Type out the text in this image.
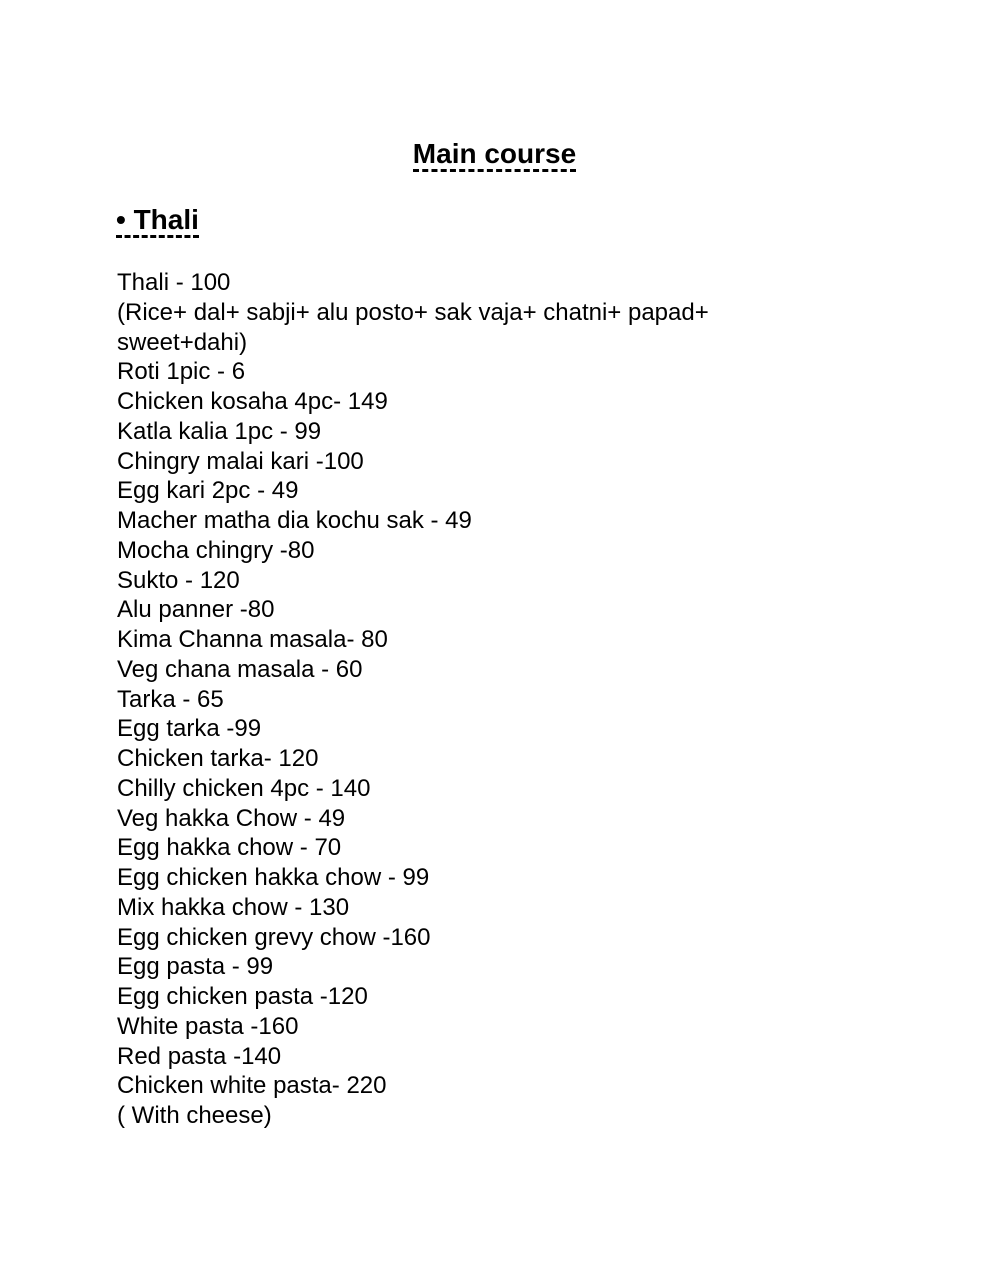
Main course
• Thali
Thali - 100
(Rice+ dal+ sabji+ alu posto+ sak vaja+ chatni+ papad+
sweet+dahi)
Roti 1pic - 6
Chicken kosaha 4pc- 149
Katla kalia 1pc - 99
Chingry malai kari -100
Egg kari 2pc - 49
Macher matha dia kochu sak - 49
Mocha chingry -80
Sukto - 120
Alu panner -80
Kima Channa masala- 80
Veg chana masala - 60
Tarka - 65
Egg tarka -99
Chicken tarka- 120
Chilly chicken 4pc - 140
Veg hakka Chow - 49
Egg hakka chow - 70
Egg chicken hakka chow - 99
Mix hakka chow - 130
Egg chicken grevy chow -160
Egg pasta - 99
Egg chicken pasta -120
White pasta -160
Red pasta -140
Chicken white pasta- 220
( With cheese)
